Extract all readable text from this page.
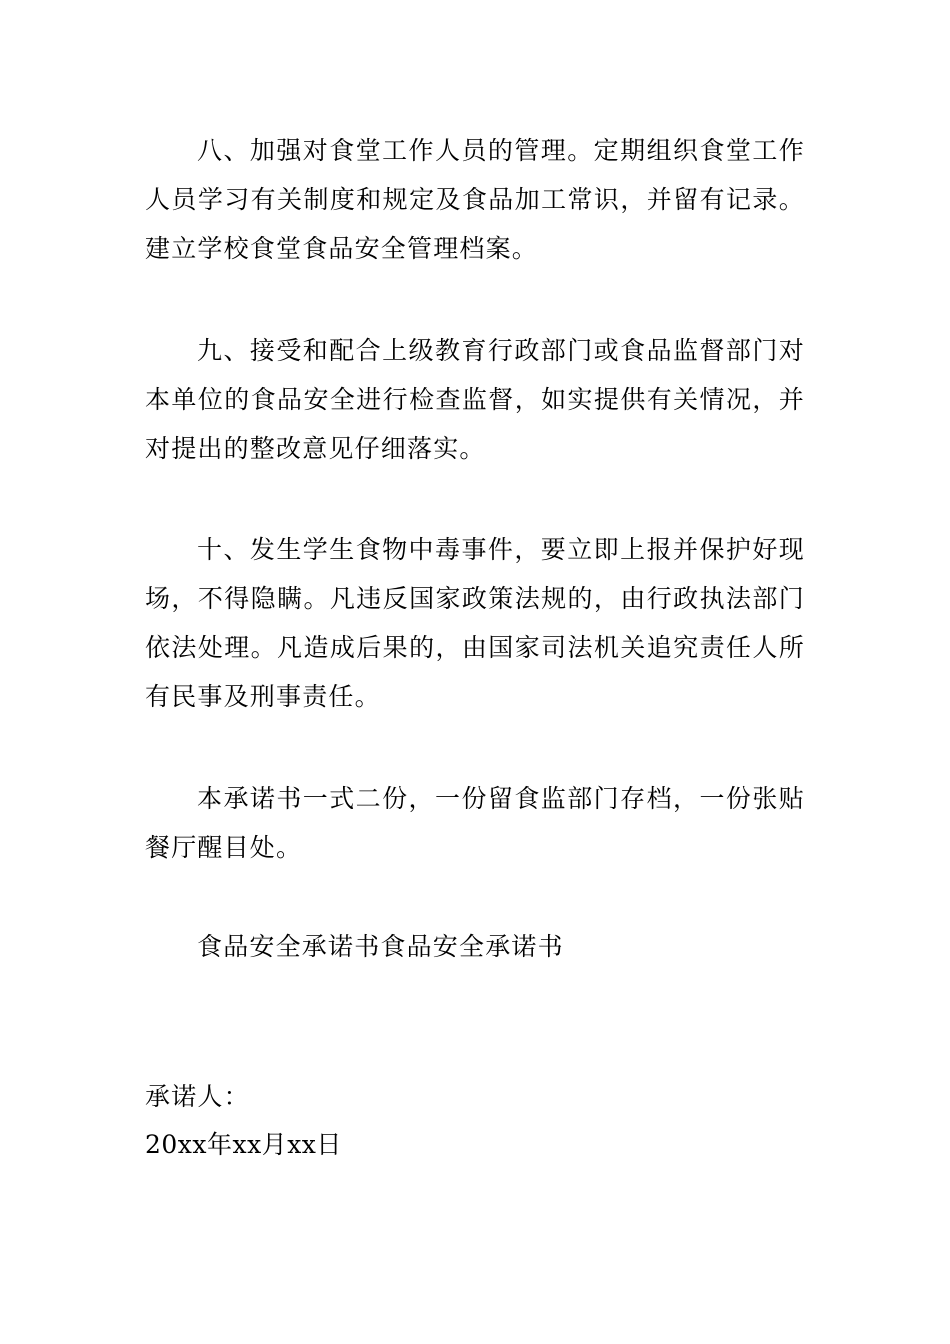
八、加强对食堂工作人员的管理。定期组织食堂工作人员学习有关制度和规定及食品加工常识，并留有记录。建立学校食堂食品安全管理档案。

九、接受和配合上级教育行政部门或食品监督部门对本单位的食品安全进行检查监督，如实提供有关情况，并对提出的整改意见仔细落实。

十、发生学生食物中毒事件，要立即上报并保护好现场，不得隐瞒。凡违反国家政策法规的，由行政执法部门依法处理。凡造成后果的，由国家司法机关追究责任人所有民事及刑事责任。

本承诺书一式二份，一份留食监部门存档，一份张贴餐厅醒目处。

食品安全承诺书食品安全承诺书

承诺人：

20xx年xx月xx日
